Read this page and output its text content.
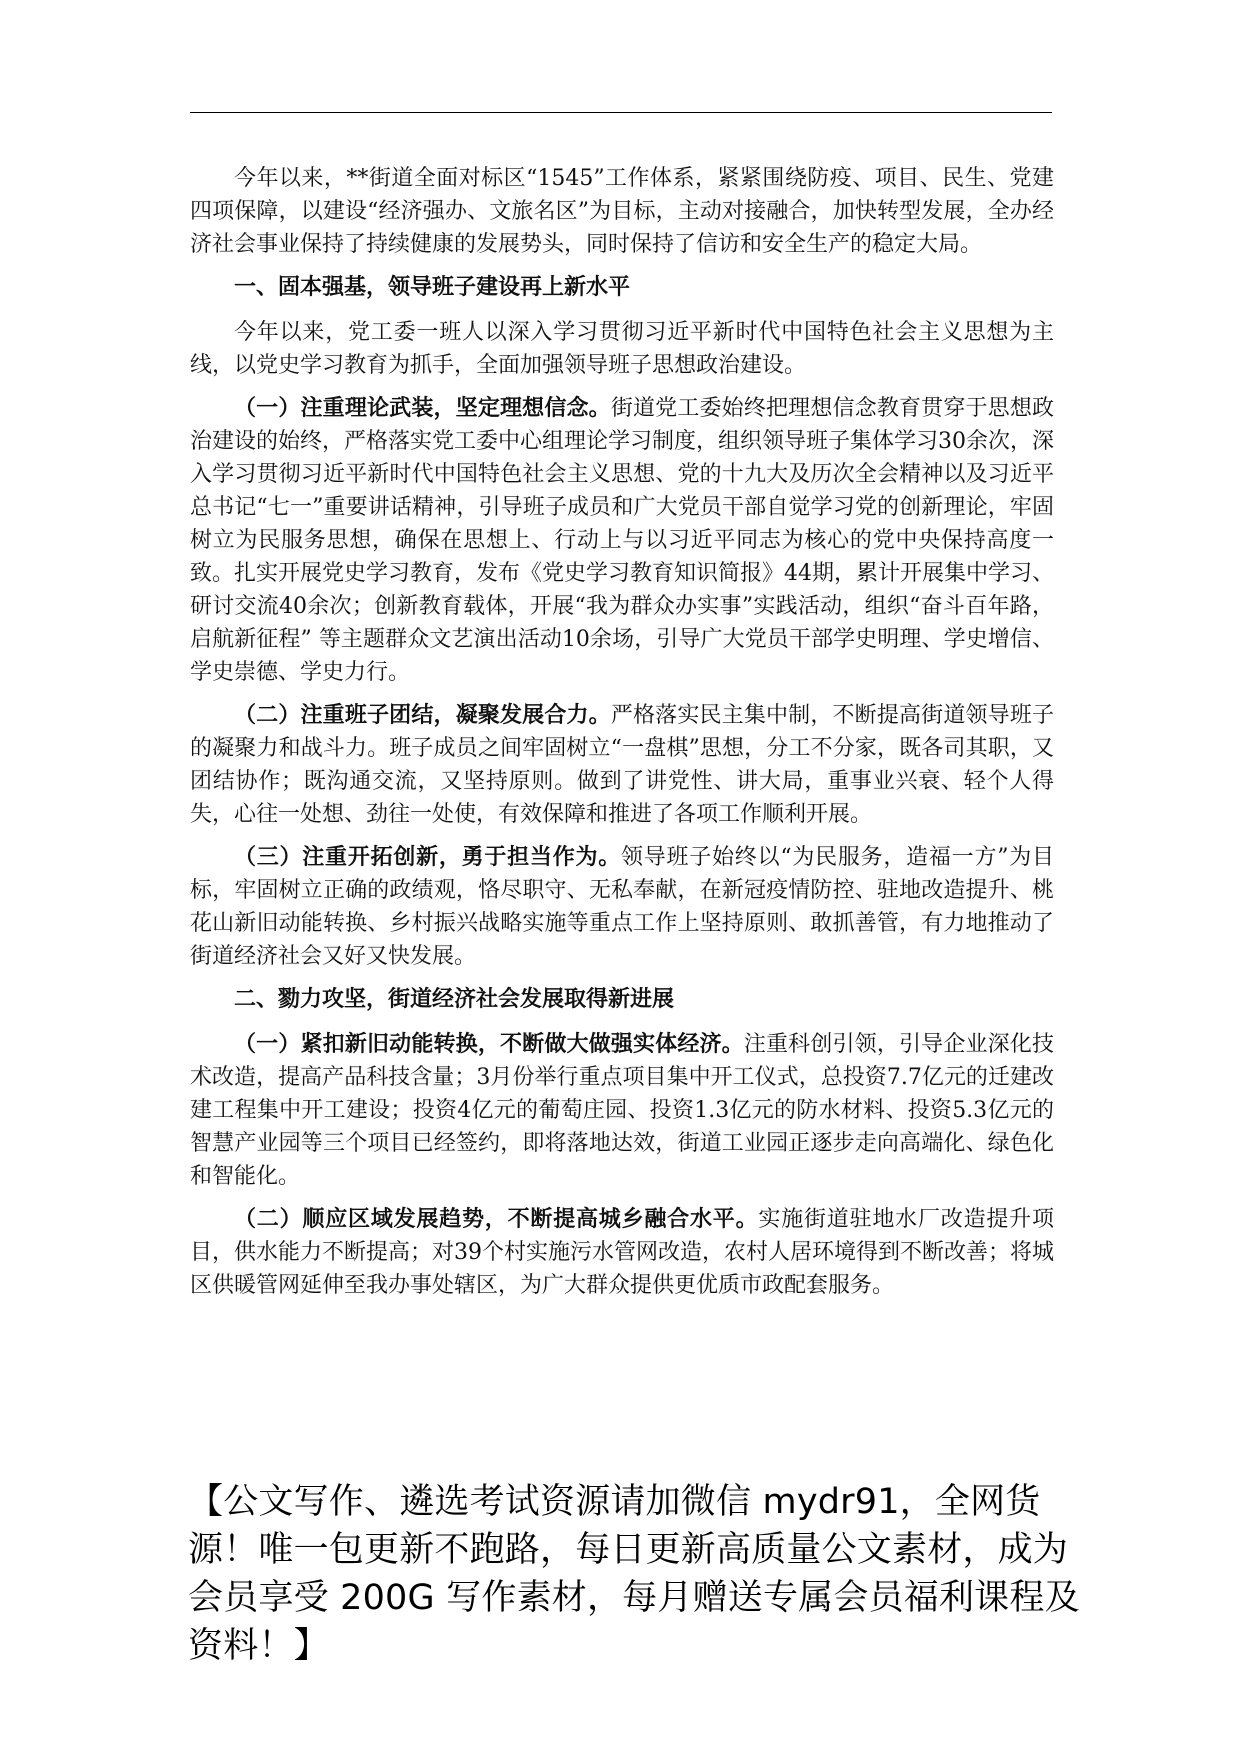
今年以来，**街道全面对标区“1545”工作体系，紧紧围绕防疫、项目、民生、党建四项保障，以建设“经济强办、文旅名区”为目标，主动对接融合，加快转型发展，全办经济社会事业保持了持续健康的发展势头，同时保持了信访和安全生产的稳定大局。

一、固本强基，领导班子建设再上新水平

今年以来，党工委一班人以深入学习贯彻习近平新时代中国特色社会主义思想为主线，以党史学习教育为抓手，全面加强领导班子思想政治建设。

（一）注重理论武装，坚定理想信念。街道党工委始终把理想信念教育贯穿于思想政治建设的始终，严格落实党工委中心组理论学习制度，组织领导班子集体学习30余次，深入学习贯彻习近平新时代中国特色社会主义思想、党的十九大及历次全会精神以及习近平总书记“七一”重要讲话精神，引导班子成员和广大党员干部自觉学习党的创新理论，牢固树立为民服务思想，确保在思想上、行动上与以习近平同志为核心的党中央保持高度一致。扎实开展党史学习教育，发布《党史学习教育知识简报》44期，累计开展集中学习、研讨交流40余次；创新教育载体，开展“我为群众办实事”实践活动，组织“奋斗百年路，启航新征程” 等主题群众文艺演出活动10余场，引导广大党员干部学史明理、学史增信、学史崇德、学史力行。

（二）注重班子团结，凝聚发展合力。严格落实民主集中制，不断提高街道领导班子的凝聚力和战斗力。班子成员之间牢固树立“一盘棋”思想，分工不分家，既各司其职，又团结协作；既沟通交流，又坚持原则。做到了讲党性、讲大局，重事业兴衰、轻个人得失，心往一处想、劲往一处使，有效保障和推进了各项工作顺利开展。

（三）注重开拓创新，勇于担当作为。领导班子始终以“为民服务，造福一方”为目标，牢固树立正确的政绩观，恪尽职守、无私奉献，在新冠疫情防控、驻地改造提升、桃花山新旧动能转换、乡村振兴战略实施等重点工作上坚持原则、敢抓善管，有力地推动了街道经济社会又好又快发展。

二、勠力攻坚，街道经济社会发展取得新进展

（一）紧扣新旧动能转换，不断做大做强实体经济。注重科创引领，引导企业深化技术改造，提高产品科技含量；3月份举行重点项目集中开工仪式，总投资7.7亿元的迁建改建工程集中开工建设；投资4亿元的葡萄庄园、投资1.3亿元的防水材料、投资5.3亿元的智慧产业园等三个项目已经签约，即将落地达效，街道工业园正逐步走向高端化、绿色化和智能化。

（二）顺应区域发展趋势，不断提高城乡融合水平。实施街道驻地水厂改造提升项目，供水能力不断提高；对39个村实施污水管网改造，农村人居环境得到不断改善；将城区供暖管网延伸至我办事处辖区，为广大群众提供更优质市政配套服务。

【公文写作、遴选考试资源请加微信 mydr91，全网货源！唯一包更新不跑路，每日更新高质量公文素材，成为会员享受 200G 写作素材，每月赠送专属会员福利课程及资料！】
